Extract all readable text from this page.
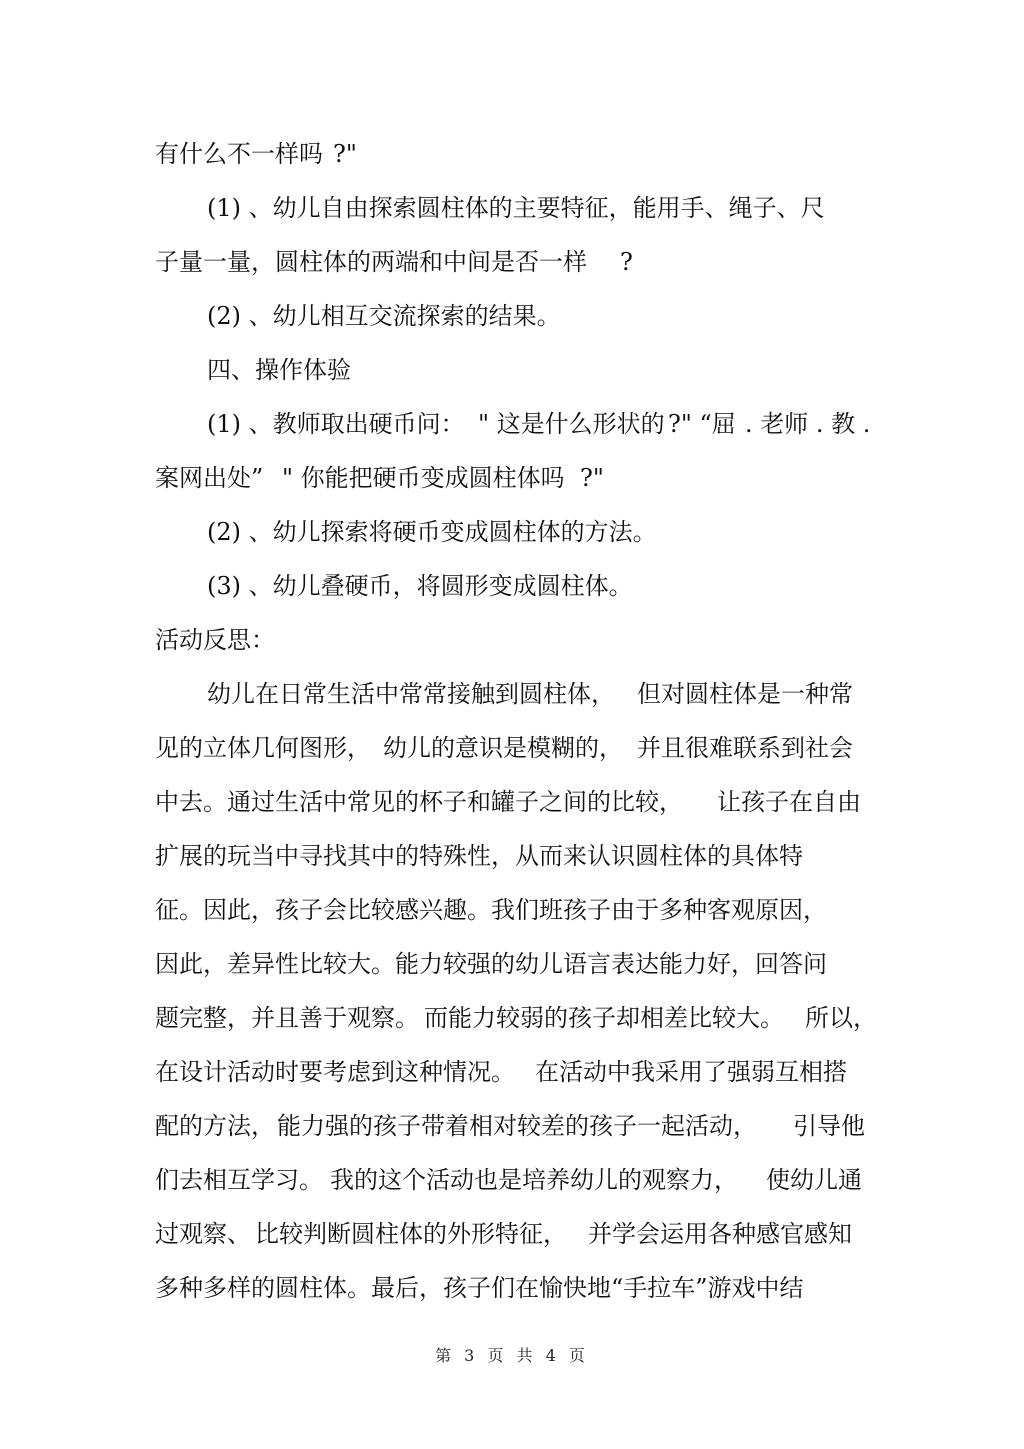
有什么不一样吗

?"

(1) 、幼儿自由探索圆柱体的主要特征，能用手、绳子、尺

子量一量，圆柱体的两端和中间是否一样

?

(2) 、幼儿相互交流探索的结果。

四、操作体验

(1) 、教师取出硬币问：

" 这是什么形状的

?" “屈

. 老师 . 教 .

案网出处”

" 你能把硬币变成圆柱体吗

?"

(2) 、幼儿探索将硬币变成圆柱体的方法。

(3) 、幼儿叠硬币，将圆形变成圆柱体。

活动反思：

幼儿在日常生活中常常接触到圆柱体，

但对圆柱体是一种常

见的立体几何图形，

幼儿的意识是模糊的，

并且很难联系到社会

中去。通过生活中常见的杯子和罐子之间的比较，

让孩子在自由

扩展的玩当中寻找其中的特殊性，从而来认识圆柱体的具体特

征。因此，孩子会比较感兴趣。我们班孩子由于多种客观原因，

因此，差异性比较大。能力较强的幼儿语言表达能力好，回答问

题完整，并且善于观察。

而能力较弱的孩子却相差比较大。

所以，

在设计活动时要考虑到这种情况。

在活动中我采用了强弱互相搭

配的方法，

能力强的孩子带着相对较差的孩子一起活动，

引导他

们去相互学习。

我的这个活动也是培养幼儿的观察力，

使幼儿通

过观察、

比较判断圆柱体的外形特征，

并学会运用各种感官感知

多种多样的圆柱体。最后，孩子们在愉快地“手拉车”游戏中结

第 3 页 共 4 页
